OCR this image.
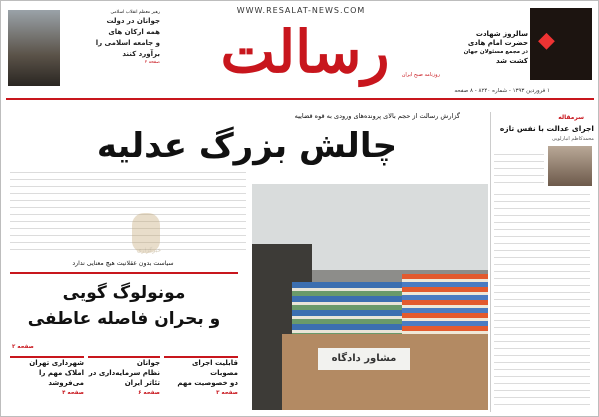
WWW.RESALAT-NEWS.COM
رسالت	روزنامه صبح ایران
۱ فروردین ۱۳۹۳ - شماره ۸۲۴۰ - ۸ صفحه
رهبر معظم انقلاب اسلامی
جوانان در دولت
همه ارکان های
و جامعه اسلامی را
برآورد کنند
صفحه ۲
◆
سالروز شهادت
حضرت امام هادی
در مجمع مسئولان جهان
کشت شد
گزارش رسالت از حجم بالای پرونده‌های ورودی به قوه قضاییه
چالش بزرگ عدلیه
خبرگزاری
مشاور دادگاه
سرمقاله
اجرای عدالت با نفس تازه
محمدکاظم انبارلویی
سیاست بدون عقلانیت هیچ معنایی ندارد
مونولوگ گویی
و بحران فاصله عاطفی
صفحه ۲
قابلیت اجرای مصوبات
دو خصوصیت مهم
صفحه ۳
جوانان
نظام سرمایه‌داری در تئاتر ایران
صفحه ۶
شهرداری تهران
املاک مهم را می‌فروشد
صفحه ۴
